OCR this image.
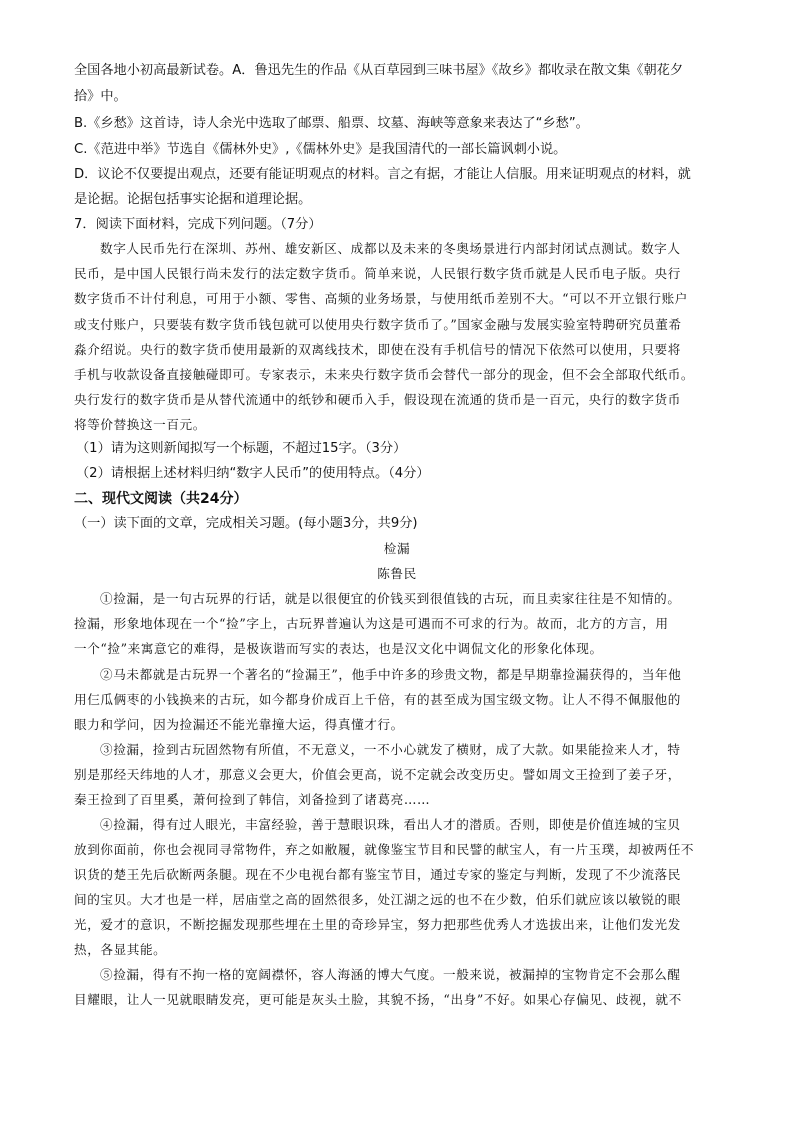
全国各地小初高最新试卷。A．鲁迅先生的作品《从百草园到三味书屋》《故乡》都收录在散文集《朝花夕
拾》中。
B.《乡愁》这首诗，诗人余光中选取了邮票、船票、坟墓、海峡等意象来表达了“乡愁”。
C.《范进中举》节选自《儒林外史》,《儒林外史》是我国清代的一部长篇讽刺小说。
D．议论不仅要提出观点，还要有能证明观点的材料。言之有据，才能让人信服。用来证明观点的材料，就
是论据。论据包括事实论据和道理论据。
7．阅读下面材料，完成下列问题。（7分）
数字人民币先行在深圳、苏州、雄安新区、成都以及未来的冬奥场景进行内部封闭试点测试。数字人
民币，是中国人民银行尚未发行的法定数字货币。简单来说，人民银行数字货币就是人民币电子版。央行
数字货币不计付利息，可用于小额、零售、高频的业务场景，与使用纸币差别不大。“可以不开立银行账户
或支付账户，只要装有数字货币钱包就可以使用央行数字货币了。”国家金融与发展实验室特聘研究员董希
淼介绍说。央行的数字货币使用最新的双离线技术，即使在没有手机信号的情况下依然可以使用，只要将
手机与收款设备直接触碰即可。专家表示，未来央行数字货币会替代一部分的现金，但不会全部取代纸币。
央行发行的数字货币是从替代流通中的纸钞和硬币入手，假设现在流通的货币是一百元，央行的数字货币
将等价替换这一百元。
（1）请为这则新闻拟写一个标题，不超过15字。（3分）
（2）请根据上述材料归纳“数字人民币”的使用特点。（4分）
二、现代文阅读（共24分）
（一）读下面的文章，完成相关习题。(每小题3分，共9分)
检漏
陈鲁民
①捡漏，是一句古玩界的行话，就是以很便宜的价钱买到很值钱的古玩，而且卖家往往是不知情的。
捡漏，形象地体现在一个“捡”字上，古玩界普遍认为这是可遇而不可求的行为。故而，北方的方言，用
一个“捡”来寓意它的难得，是极诙谐而写实的表达，也是汉文化中调侃文化的形象化体现。
②马未都就是古玩界一个著名的“捡漏王”，他手中许多的珍贵文物，都是早期靠捡漏获得的，当年他
用仨瓜俩枣的小钱换来的古玩，如今都身价成百上千倍，有的甚至成为国宝级文物。让人不得不佩服他的
眼力和学问，因为捡漏还不能光靠撞大运，得真懂才行。
③捡漏，捡到古玩固然物有所值，不无意义，一不小心就发了横财，成了大款。如果能捡来人才，特
别是那经天纬地的人才，那意义会更大，价值会更高，说不定就会改变历史。譬如周文王捡到了姜子牙，
秦王捡到了百里奚，萧何捡到了韩信，刘备捡到了诸葛亮……
④捡漏，得有过人眼光，丰富经验，善于慧眼识珠，看出人才的潜质。否则，即使是价值连城的宝贝
放到你面前，你也会视同寻常物件，弃之如敝履，就像鉴宝节目和民譬的献宝人，有一片玉璞，却被两任不
识货的楚王先后砍断两条腿。现在不少电视台都有鉴宝节目，通过专家的鉴定与判断，发现了不少流落民
间的宝贝。大才也是一样，居庙堂之高的固然很多，处江湖之远的也不在少数，伯乐们就应该以敏锐的眼
光，爱才的意识，不断挖掘发现那些埋在土里的奇珍异宝，努力把那些优秀人才选拔出来，让他们发光发
热，各显其能。
⑤捡漏，得有不拘一格的宽阔襟怀，容人海涵的博大气度。一般来说，被漏掉的宝物肯定不会那么醒
目耀眼，让人一见就眼睛发亮，更可能是灰头土脸，其貌不扬，“出身”不好。如果心存偏见、歧视，就不
